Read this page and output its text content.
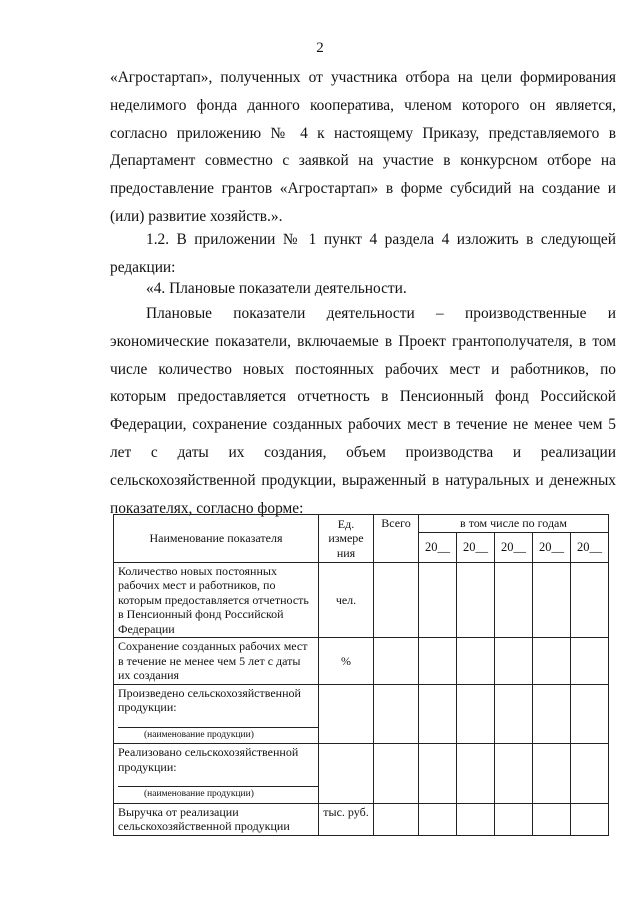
2

«Агростартап», полученных от участника отбора на цели формирования неделимого фонда данного кооператива, членом которого он является, согласно приложению № 4 к настоящему Приказу, представляемого в Департамент совместно с заявкой на участие в конкурсном отборе на предоставление грантов «Агростартап» в форме субсидий на создание и (или) развитие хозяйств.».

1.2. В приложении № 1 пункт 4 раздела 4 изложить в следующей редакции:

«4. Плановые показатели деятельности.

Плановые показатели деятельности – производственные и экономические показатели, включаемые в Проект грантополучателя, в том числе количество новых постоянных рабочих мест и работников, по которым предоставляется отчетность в Пенсионный фонд Российской Федерации, сохранение созданных рабочих мест в течение не менее чем 5 лет с даты их создания, объем производства и реализации сельскохозяйственной продукции, выраженный в натуральных и денежных показателях, согласно форме:

Наименование показателя	Ед. измере ния	Всего	в том числе по годам				
			20__	20__	20__	20__	20__
Количество новых постоянных рабочих мест и работников, по которым предоставляется отчетность в Пенсионный фонд Российской Федерации	чел.						
Сохранение созданных рабочих мест в течение не менее чем 5 лет с даты их создания	%						

Произведено сельскохозяйственной продукции:
(наименование продукции)							

Реализовано сельскохозяйственной продукции:
(наименование продукции)							

Выручка от реализации сельскохозяйственной продукции	тыс. руб.						
